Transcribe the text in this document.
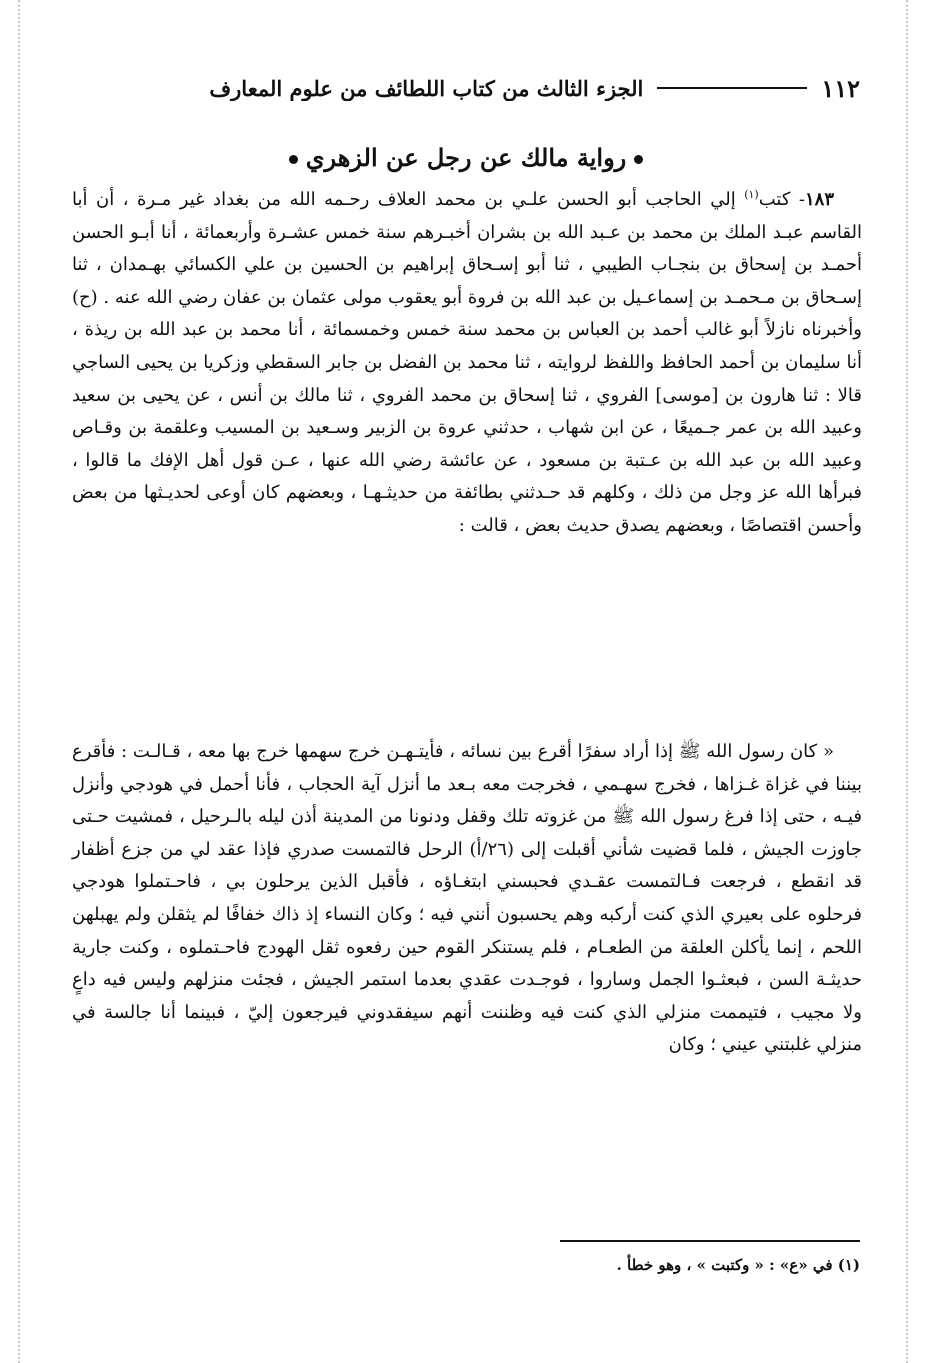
١١٢
الجزء الثالث من كتاب اللطائف من علوم المعارف
رواية مالك عن رجل عن الزهري
١٨٣- كتب$^{(١)}$ إلي الحاجب أبو الحسن علـي بن محمد العلاف رحـمه الله من بغداد غير مـرة ، أن أبا القاسم عبـد الملك بن محمد بن عـبد الله بن بشران أخبـرهم سنة خمس عشـرة وأربعمائة ، أنا أبـو الحسن أحمـد بن إسحاق بن بنجـاب الطيبي ، ثنا أبو إسـحاق إبراهيم بن الحسين بن علي الكسائي بهـمدان ، ثنا إسـحاق بن مـحمـد بن إسماعـيل بن عبد الله بن فروة أبو يعقوب مولى عثمان بن عفان رضي الله عنه . (ح) وأخبرناه نازلاً أبو غالب أحمد بن العباس بن محمد سنة خمس وخمسمائة ، أنا محمد بن عبد الله بن ريذة ، أنا سليمان بن أحمد الحافظ واللفظ لروايته ، ثنا محمد بن الفضل بن جابر السقطي وزكريا بن يحيى الساجي قالا : ثنا هارون بن [موسى] الفروي ، ثنا إسحاق بن محمد الفروي ، ثنا مالك بن أنس ، عن يحيى بن سعيد وعبيد الله بن عمر جـميعًا ، عن ابن شهاب ، حدثني عروة بن الزبير وسـعيد بن المسيب وعلقمة بن وقـاص وعبيد الله بن عبد الله بن عـتبة بن مسعود ، عن عائشة رضي الله عنها ، عـن قول أهل الإفك ما قالوا ، فبرأها الله عز وجل من ذلك ، وكلهم قد حـدثني بطائفة من حديثـهـا ، وبعضهم كان أوعى لحديـثها من بعض وأحسن اقتصاصًا ، وبعضهم يصدق حديث بعض ، قالت :
« كان رسول الله ﷺ إذا أراد سفرًا أقرع بين نسائه ، فأيتـهـن خرج سهمها خرج بها معه ، قـالـت : فأقرع بيننا في غزاة غـزاها ، فخرج سهـمي ، فخرجت معه بـعد ما أنزل آية الحجاب ، فأنا أحمل في هودجي وأنزل فيـه ، حتى إذا فرغ رسول الله ﷺ من غزوته تلك وقفل ودنونا من المدينة أذن ليله بالـرحيل ، فمشيت حـتى جاوزت الجيش ، فلما قضيت شأني أقبلت إلى (٢٦/أ) الرحل فالتمست صدري فإذا عقد لي من جزع أظفار قد انقطع ، فرجعت فـالتمست عقـدي فحبسني ابتغـاؤه ، فأقبل الذين يرحلون بي ، فاحـتملوا هودجي فرحلوه على بعيري الذي كنت أركبه وهم يحسبون أنني فيه ؛ وكان النساء إذ ذاك خفافًا لم يثقلن ولم يهبلهن اللحم ، إنما يأكلن العلقة من الطعـام ، فلم يستنكر القوم حين رفعوه ثقل الهودج فاحـتملوه ، وكنت جارية حديثـة السن ، فبعثـوا الجمل وساروا ، فوجـدت عقدي بعدما استمر الجيش ، فجئت منزلهم وليس فيه داعٍ ولا مجيب ، فتيممت منزلي الذي كنت فيه وظننت أنهم سيفقدوني فيرجعون إليّ ، فبينما أنا جالسة في منزلي غلبتني عيني ؛ وكان
(١) في «ع» : « وكتبت » ، وهو خطأ .
